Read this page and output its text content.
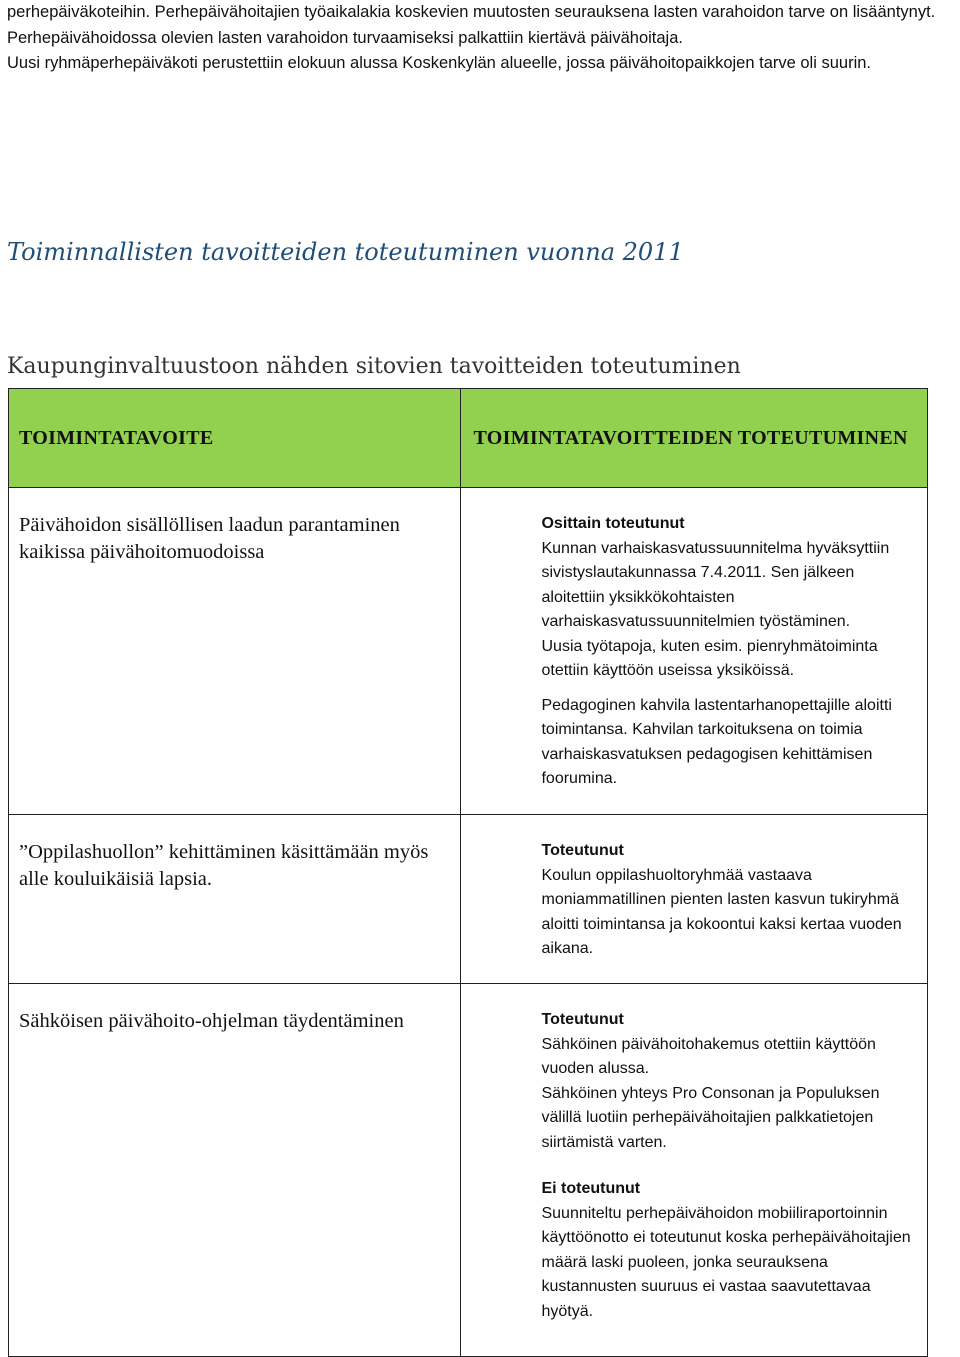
perhepäiväkoteihin. Perhepäivähoitajien työaikalakia koskevien muutosten seurauksena lasten varahoidon tarve on lisääntynyt. Perhepäivähoidossa olevien lasten varahoidon turvaamiseksi palkattiin kiertävä päivähoitaja.

Uusi ryhmäperhepäiväkoti perustettiin elokuun alussa Koskenkylän alueelle, jossa päivähoitopaikkojen tarve oli suurin.

Toiminnallisten tavoitteiden toteutuminen vuonna 2011
Kaupunginvaltuustoon nähden sitovien tavoitteiden toteutuminen
TOIMINTATAVOITE	TOIMINTATAVOITTEIDEN TOTEUTUMINEN

Päivähoidon sisällöllisen laadun parantaminen kaikissa päivähoitomuodoissa	Osittain toteutunut

Kunnan varhaiskasvatussuunnitelma hyväksyttiin sivistyslautakunnassa 7.4.2011. Sen jälkeen aloitettiin yksikkökohtaisten varhaiskasvatussuunnitelmien työstäminen.

Uusia työtapoja, kuten esim. pienryhmätoiminta otettiin käyttöön useissa yksiköissä.

Pedagoginen kahvila lastentarhanopettajille aloitti toimintansa. Kahvilan tarkoituksena on toimia varhaiskasvatuksen pedagogisen kehittämisen foorumina.

”Oppilashuollon” kehittäminen käsittämään myös alle kouluikäisiä lapsia.	Toteutunut

Koulun oppilashuoltoryhmää vastaava moniammatillinen pienten lasten kasvun tukiryhmä aloitti toimintansa ja kokoontui kaksi kertaa vuoden aikana.

Sähköisen päivähoito-ohjelman täydentäminen	Toteutunut

Sähköinen päivähoitohakemus otettiin käyttöön vuoden alussa.

Sähköinen yhteys Pro Consonan ja Populuksen välillä luotiin perhepäivähoitajien palkkatietojen siirtämistä varten.

Ei toteutunut

Suunniteltu perhepäivähoidon mobiiliraportoinnin käyttöönotto ei toteutunut koska perhepäivähoitajien määrä laski puoleen, jonka seurauksena kustannusten suuruus ei vastaa saavutettavaa hyötyä.
